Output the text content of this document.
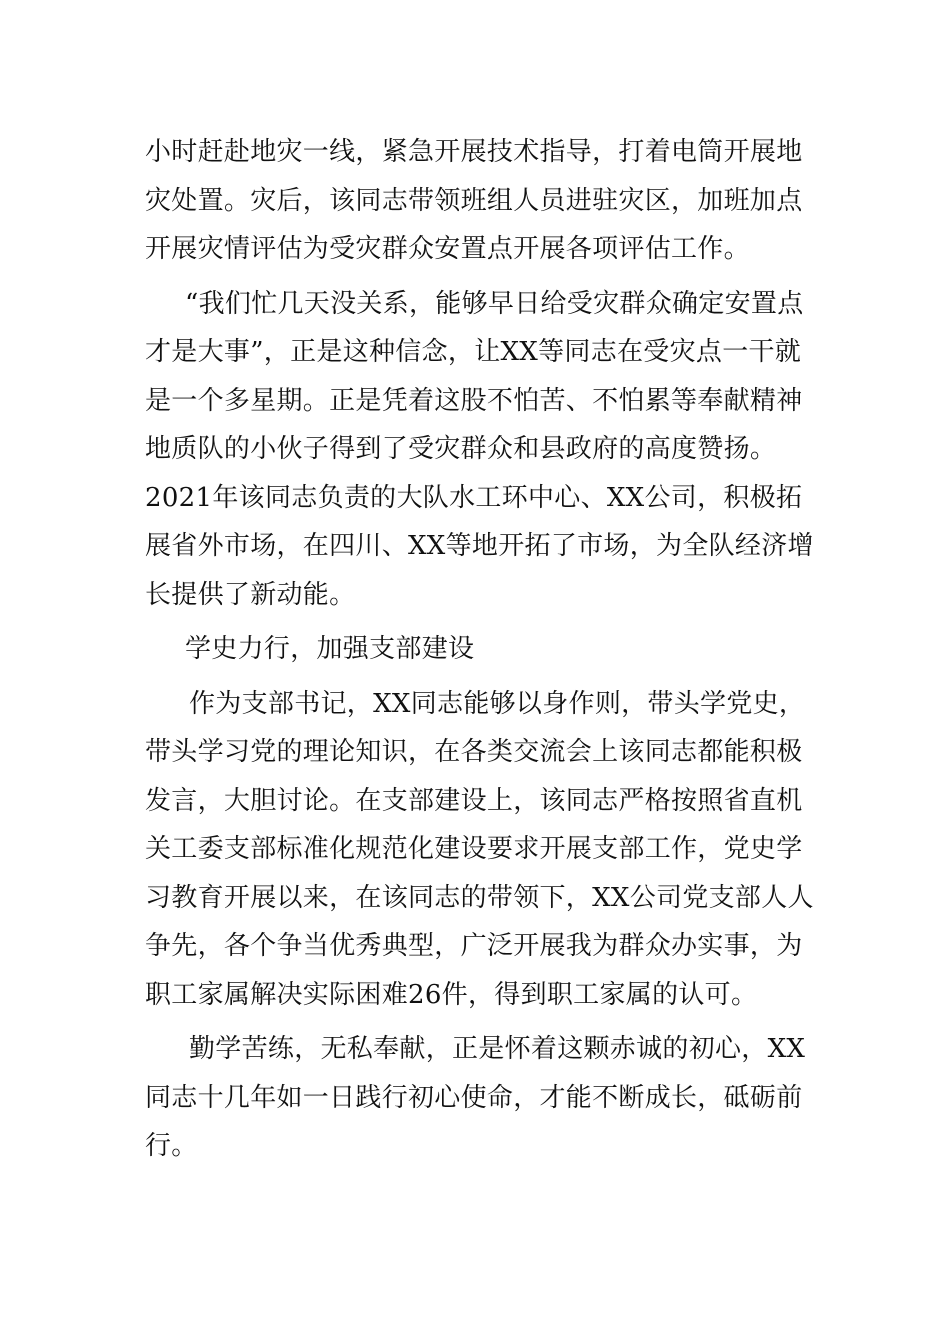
小时赶赴地灾一线，紧急开展技术指导，打着电筒开展地
灾处置。灾后，该同志带领班组人员进驻灾区，加班加点
开展灾情评估为受灾群众安置点开展各项评估工作。
“我们忙几天没关系，能够早日给受灾群众确定安置点
才是大事”，正是这种信念，让XX等同志在受灾点一干就
是一个多星期。正是凭着这股不怕苦、不怕累等奉献精神
地质队的小伙子得到了受灾群众和县政府的高度赞扬。
2021年该同志负责的大队水工环中心、XX公司，积极拓
展省外市场，在四川、XX等地开拓了市场，为全队经济增
长提供了新动能。
学史力行，加强支部建设
作为支部书记，XX同志能够以身作则，带头学党史，
带头学习党的理论知识，在各类交流会上该同志都能积极
发言，大胆讨论。在支部建设上，该同志严格按照省直机
关工委支部标准化规范化建设要求开展支部工作，党史学
习教育开展以来，在该同志的带领下，XX公司党支部人人
争先，各个争当优秀典型，广泛开展我为群众办实事，为
职工家属解决实际困难26件，得到职工家属的认可。
勤学苦练，无私奉献，正是怀着这颗赤诚的初心，XX
同志十几年如一日践行初心使命，才能不断成长，砥砺前
行。
